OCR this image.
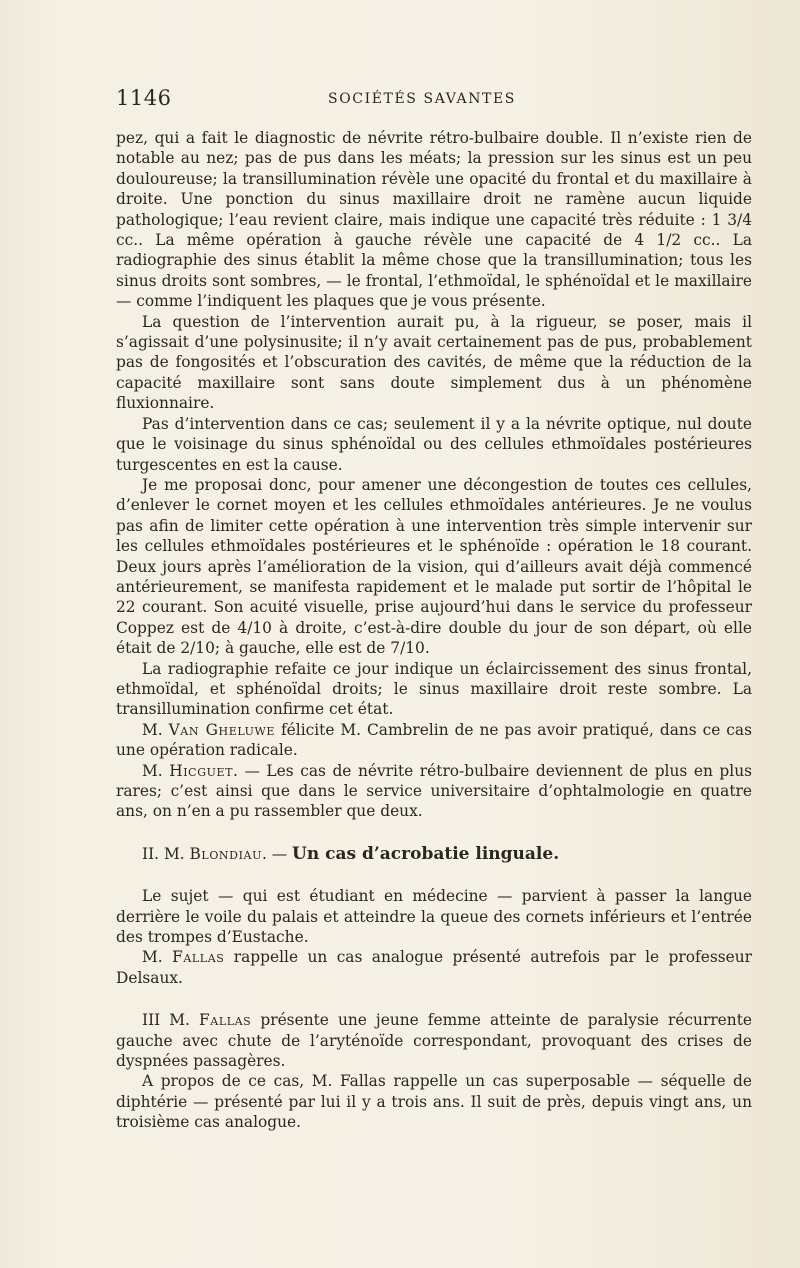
1146	SOCIÉTÉS SAVANTES

pez, qui a fait le diagnostic de névrite rétro-bulbaire double. Il n’existe rien de notable au nez; pas de pus dans les méats; la pression sur les sinus est un peu douloureuse; la transillumination révèle une opacité du frontal et du maxillaire à droite. Une ponction du sinus maxillaire droit ne ramène aucun liquide pathologique; l’eau revient claire, mais indique une capacité très réduite : 1 3/4 cc.. La même opération à gauche révèle une capacité de 4 1/2 cc.. La radiographie des sinus établit la même chose que la transillumination; tous les sinus droits sont sombres, — le frontal, l’ethmoïdal, le sphénoïdal et le maxillaire — comme l’indiquent les plaques que je vous présente.

La question de l’intervention aurait pu, à la rigueur, se poser, mais il s’agissait d’une polysinusite; il n’y avait certainement pas de pus, probablement pas de fongosités et l’obscuration des cavités, de même que la réduction de la capacité maxillaire sont sans doute simplement dus à un phénomène fluxionnaire.

Pas d’intervention dans ce cas; seulement il y a la névrite optique, nul doute que le voisinage du sinus sphénoïdal ou des cellules ethmoïdales postérieures turgescentes en est la cause.

Je me proposai donc, pour amener une décongestion de toutes ces cellules, d’enlever le cornet moyen et les cellules ethmoïdales antérieures. Je ne voulus pas afin de limiter cette opération à une intervention très simple intervenir sur les cellules ethmoïdales postérieures et le sphénoïde : opération le 18 courant. Deux jours après l’amélioration de la vision, qui d’ailleurs avait déjà commencé antérieurement, se manifesta rapidement et le malade put sortir de l’hôpital le 22 courant. Son acuité visuelle, prise aujourd’hui dans le service du professeur Coppez est de 4/10 à droite, c’est-à-dire double du jour de son départ, où elle était de 2/10; à gauche, elle est de 7/10.

La radiographie refaite ce jour indique un éclaircissement des sinus frontal, ethmoïdal, et sphénoïdal droits; le sinus maxillaire droit reste sombre. La transillumination confirme cet état.

M. Van Gheluwe félicite M. Cambrelin de ne pas avoir pratiqué, dans ce cas une opération radicale.

M. Hicguet. — Les cas de névrite rétro-bulbaire deviennent de plus en plus rares; c’est ainsi que dans le service universitaire d’ophtalmologie en quatre ans, on n’en a pu rassembler que deux.

II. M. Blondiau. — Un cas d’acrobatie linguale.

Le sujet — qui est étudiant en médecine — parvient à passer la langue derrière le voile du palais et atteindre la queue des cornets inférieurs et l’entrée des trompes d’Eustache.

M. Fallas rappelle un cas analogue présenté autrefois par le professeur Delsaux.

III M. Fallas présente une jeune femme atteinte de paralysie récurrente gauche avec chute de l’aryténoïde correspondant, provoquant des crises de dyspnées passagères.

A propos de ce cas, M. Fallas rappelle un cas superposable — séquelle de diphtérie — présenté par lui il y a trois ans. Il suit de près, depuis vingt ans, un troisième cas analogue.
